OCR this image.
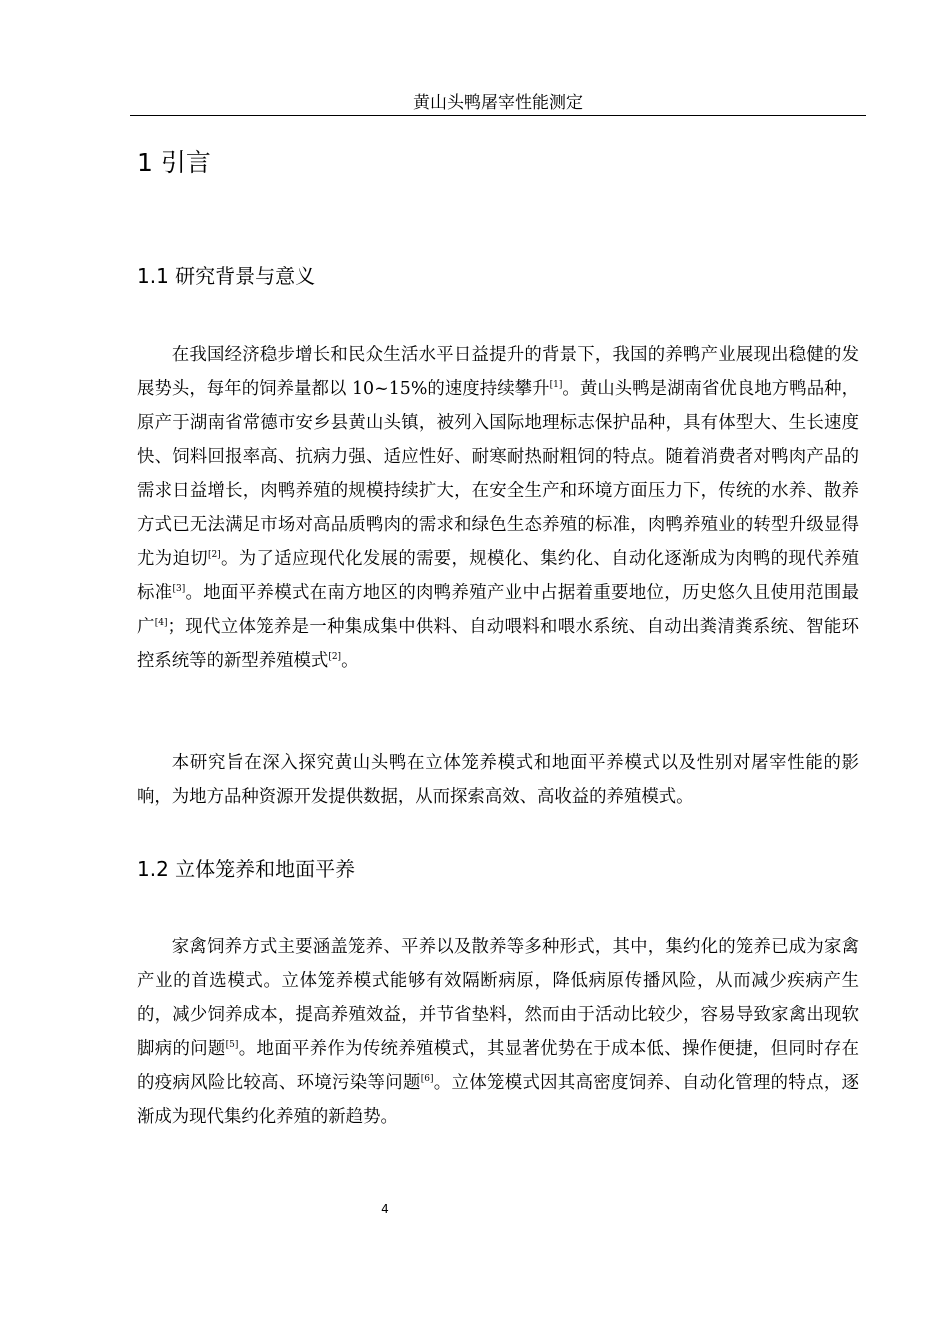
黄山头鸭屠宰性能测定
1 引言
1.1 研究背景与意义

在我国经济稳步增长和民众生活水平日益提升的背景下，我国的养鸭产业展现出稳健的发展势头，每年的饲养量都以 10~15%的速度持续攀升[1]。黄山头鸭是湖南省优良地方鸭品种，原产于湖南省常德市安乡县黄山头镇，被列入国际地理标志保护品种，具有体型大、生长速度快、饲料回报率高、抗病力强、适应性好、耐寒耐热耐粗饲的特点。随着消费者对鸭肉产品的需求日益增长，肉鸭养殖的规模持续扩大，在安全生产和环境方面压力下，传统的水养、散养方式已无法满足市场对高品质鸭肉的需求和绿色生态养殖的标准，肉鸭养殖业的转型升级显得尤为迫切[2]。为了适应现代化发展的需要，规模化、集约化、自动化逐渐成为肉鸭的现代养殖标准[3]。地面平养模式在南方地区的肉鸭养殖产业中占据着重要地位，历史悠久且使用范围最广[4]；现代立体笼养是一种集成集中供料、自动喂料和喂水系统、自动出粪清粪系统、智能环控系统等的新型养殖模式[2]。

本研究旨在深入探究黄山头鸭在立体笼养模式和地面平养模式以及性别对屠宰性能的影响，为地方品种资源开发提供数据，从而探索高效、高收益的养殖模式。

1.2 立体笼养和地面平养

家禽饲养方式主要涵盖笼养、平养以及散养等多种形式，其中，集约化的笼养已成为家禽产业的首选模式。立体笼养模式能够有效隔断病原，降低病原传播风险，从而减少疾病产生的，减少饲养成本，提高养殖效益，并节省垫料，然而由于活动比较少，容易导致家禽出现软脚病的问题[5]。地面平养作为传统养殖模式，其显著优势在于成本低、操作便捷，但同时存在的疫病风险比较高、环境污染等问题[6]。立体笼模式因其高密度饲养、自动化管理的特点，逐渐成为现代集约化养殖的新趋势。

4
